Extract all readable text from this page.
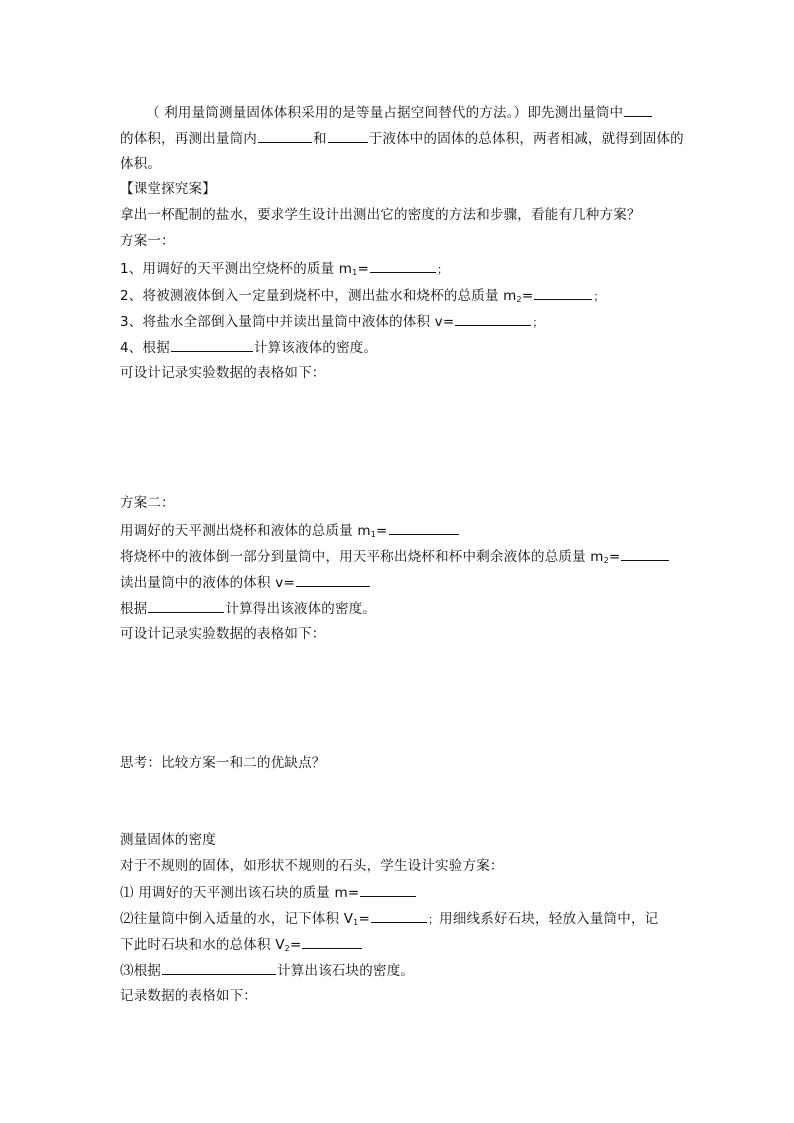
（ 利用量筒测量固体体积采用的是等量占据空间替代的方法。）即先测出量筒中
的体积，再测出量筒内	和	于液体中的固体的总体积，两者相减，就得到固体的
体积。
【课堂探究案】
拿出一杯配制的盐水，要求学生设计出测出它的密度的方法和步骤，看能有几种方案？
方案一：
1、用调好的天平测出空烧杯的质量 $m_1=$	；
2、将被测液体倒入一定量到烧杯中，测出盐水和烧杯的总质量 $m_2=$	；
3、将盐水全部倒入量筒中并读出量筒中液体的体积 v=	；
4、根据	计算该液体的密度。
可设计记录实验数据的表格如下：
方案二：
用调好的天平测出烧杯和液体的总质量 $m_1=$
将烧杯中的液体倒一部分到量筒中，用天平称出烧杯和杯中剩余液体的总质量 $m_2=$
读出量筒中的液体的体积 v=
根据	计算得出该液体的密度。
可设计记录实验数据的表格如下：
思考：比较方案一和二的优缺点？
测量固体的密度
对于不规则的固体，如形状不规则的石头，学生设计实验方案：
⑴ 用调好的天平测出该石块的质量 m=
⑵往量筒中倒入适量的水，记下体积 $V_1=$	；用细线系好石块，轻放入量筒中，记
下此时石块和水的总体积 $V_2=$
⑶根据	计算出该石块的密度。
记录数据的表格如下：
